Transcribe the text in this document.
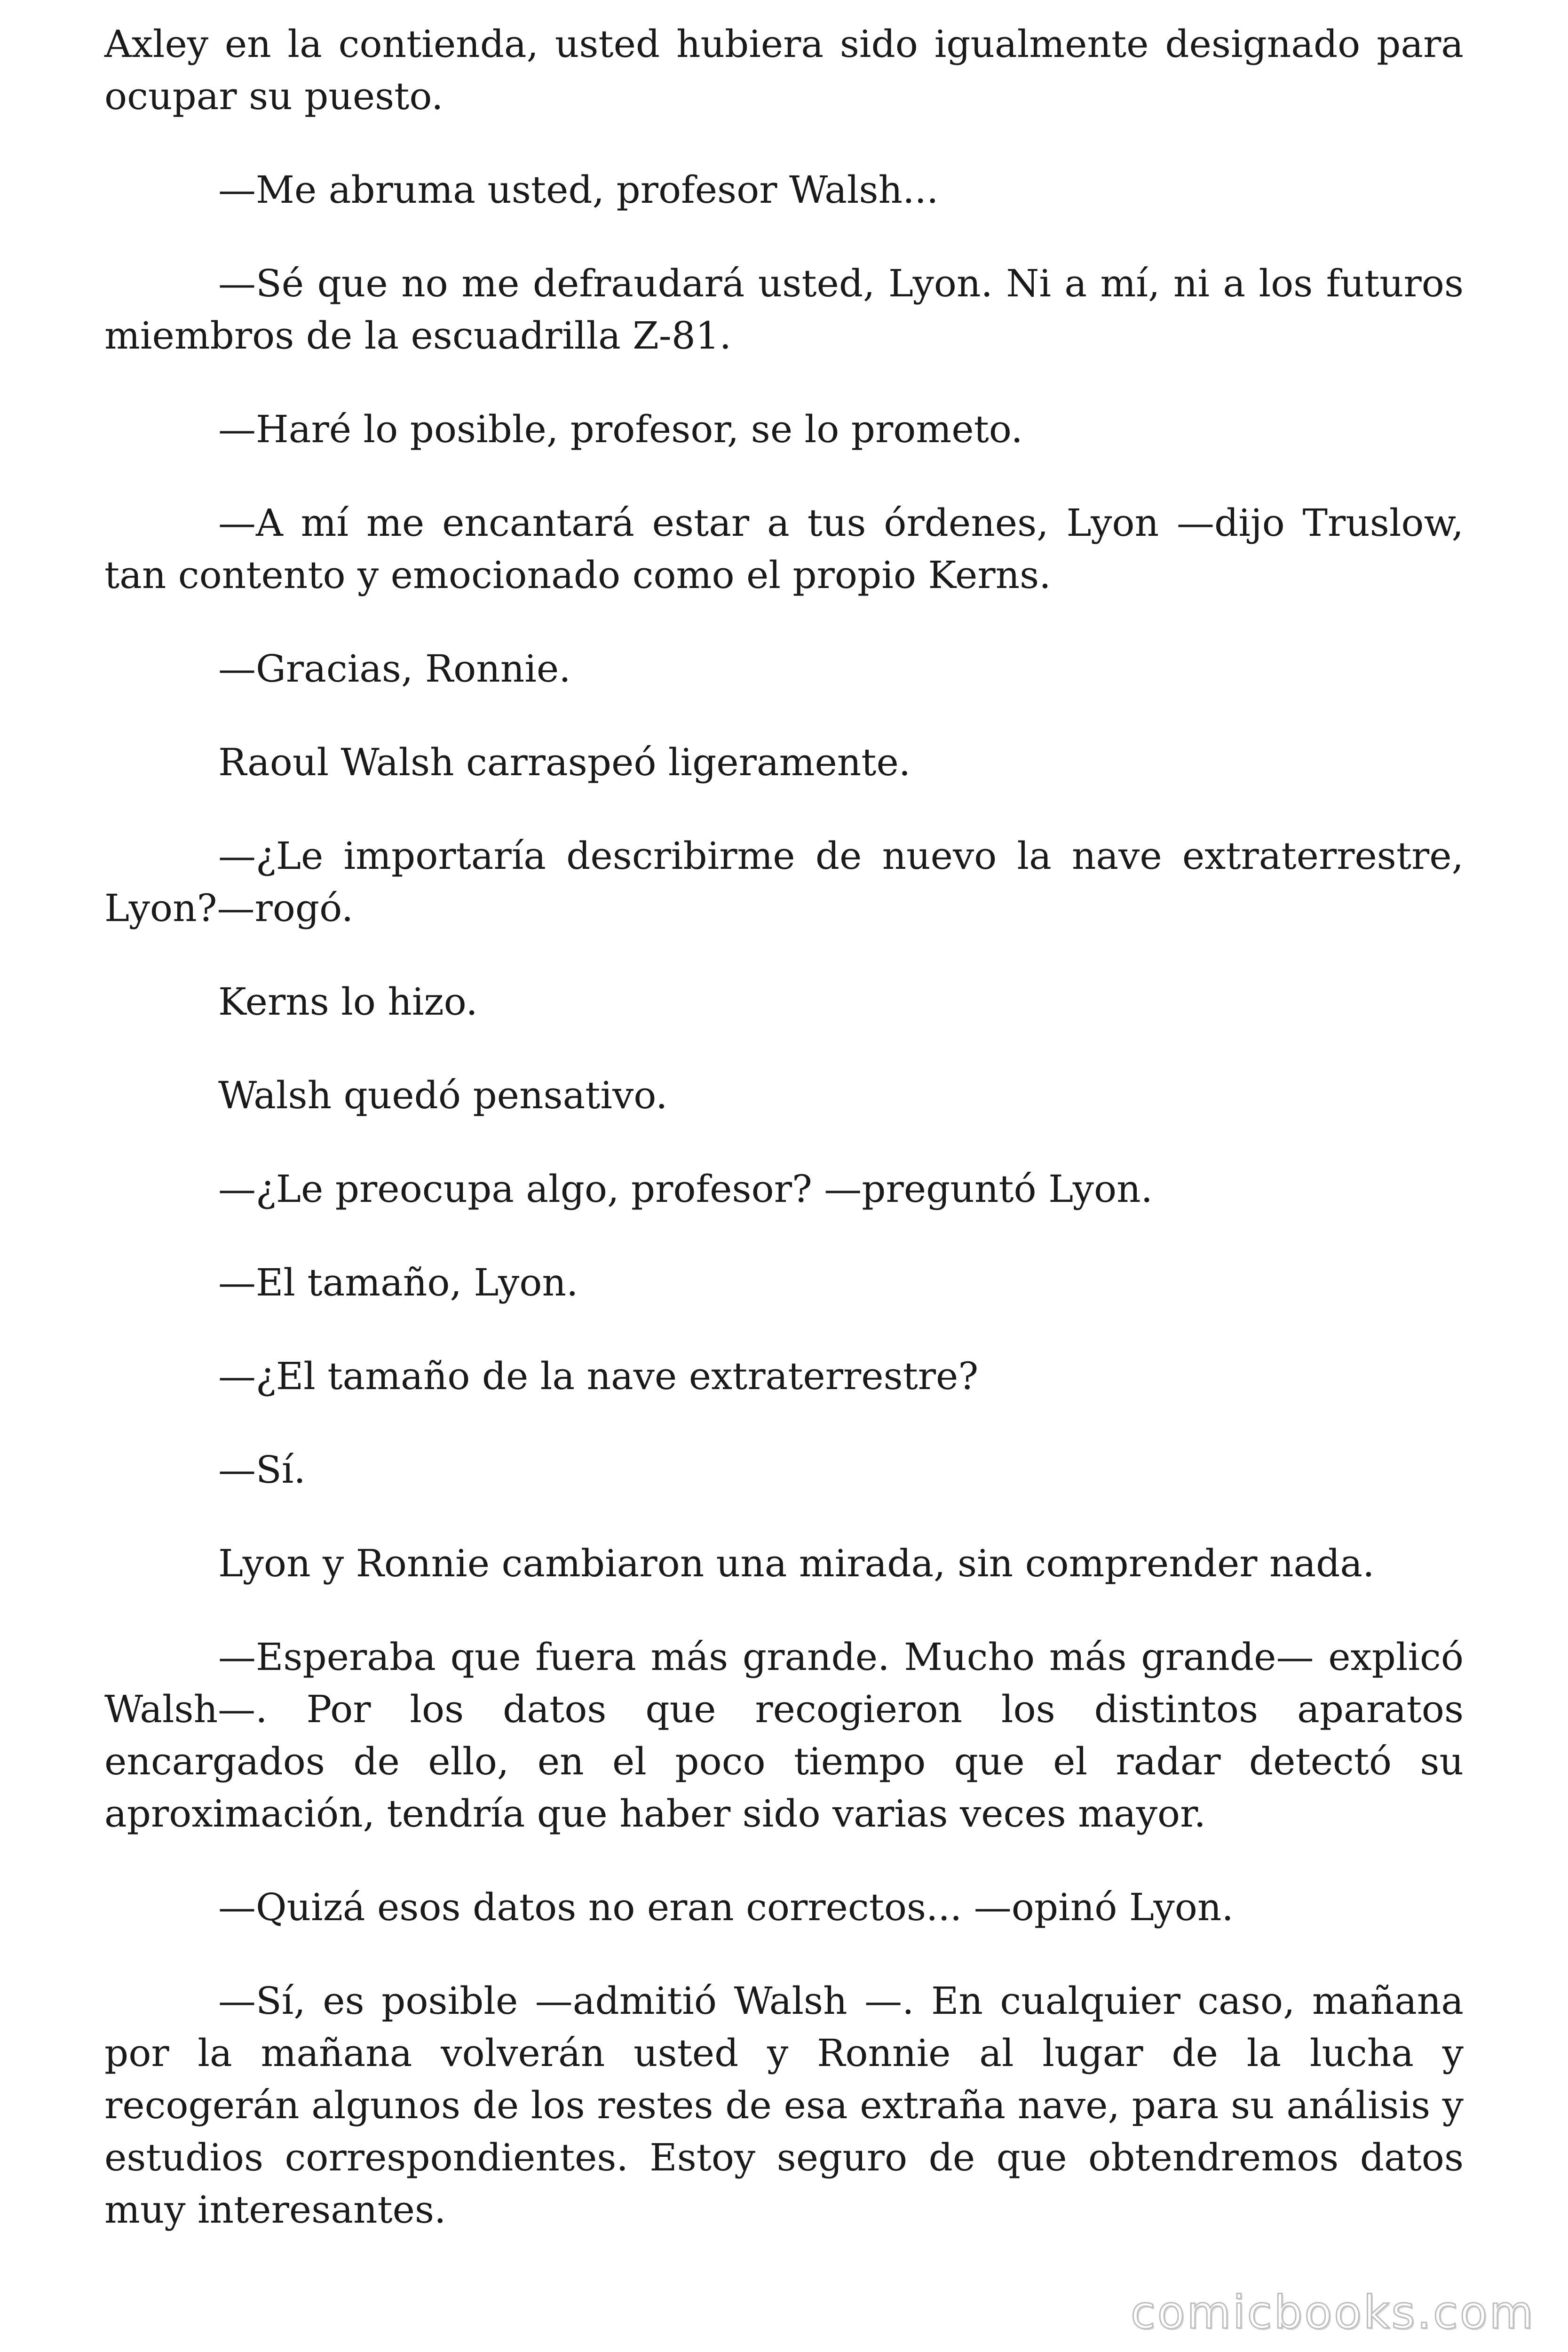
Axley en la contienda, usted hubiera sido igualmente designado para ocupar su puesto.

—Me abruma usted, profesor Walsh...

—Sé que no me defraudará usted, Lyon. Ni a mí, ni a los futuros miembros de la escuadrilla Z-81.

—Haré lo posible, profesor, se lo prometo.

—A mí me encantará estar a tus órdenes, Lyon —dijo Truslow, tan contento y emocionado como el propio Kerns.

—Gracias, Ronnie.

Raoul Walsh carraspeó ligeramente.

—¿Le importaría describirme de nuevo la nave extraterrestre, Lyon?—rogó.

Kerns lo hizo.

Walsh quedó pensativo.

—¿Le preocupa algo, profesor? —preguntó Lyon.

—El tamaño, Lyon.

—¿El tamaño de la nave extraterrestre?

—Sí.

Lyon y Ronnie cambiaron una mirada, sin comprender nada.

—Esperaba que fuera más grande. Mucho más grande— explicó Walsh—. Por los datos que recogieron los distintos aparatos encargados de ello, en el poco tiempo que el radar detectó su aproximación, tendría que haber sido varias veces mayor.

—Quizá esos datos no eran correctos... —opinó Lyon.

—Sí, es posible —admitió Walsh —. En cualquier caso, mañana por la mañana volverán usted y Ronnie al lugar de la lucha y recogerán algunos de los restes de esa extraña nave, para su análisis y estudios correspondientes. Estoy seguro de que obtendremos datos muy interesantes.

comicbooks.com
